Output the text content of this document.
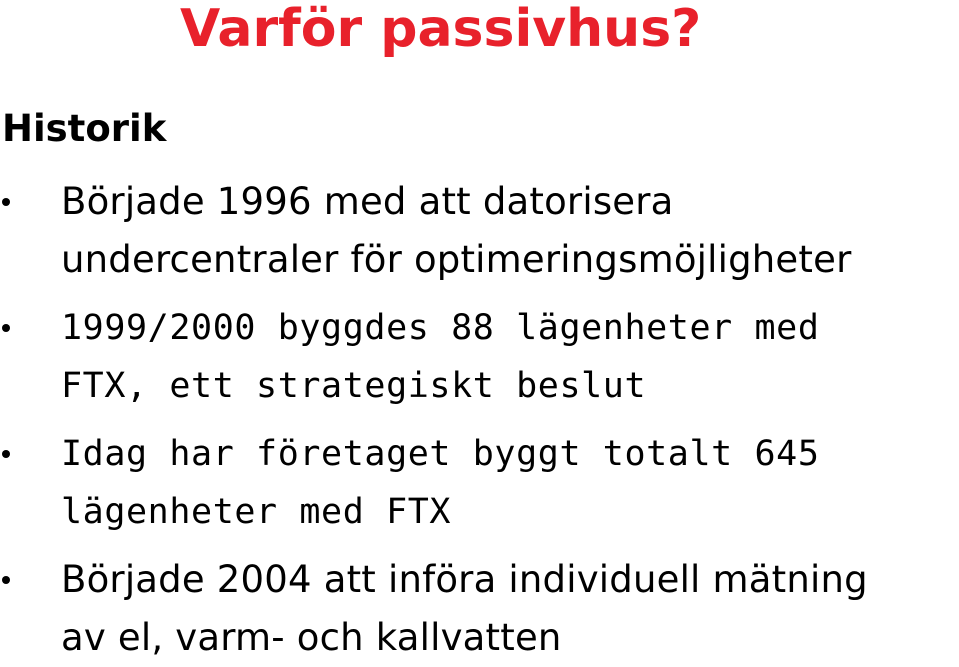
Varför passivhus?
Historik

Började 1996 med att datorisera
undercentraler för optimeringsmöjligheter

1999/2000 byggdes 88 lägenheter med
FTX, ett strategiskt beslut

Idag har företaget byggt totalt 645
lägenheter med FTX

Började 2004 att införa individuell mätning
av el, varm- och kallvatten
